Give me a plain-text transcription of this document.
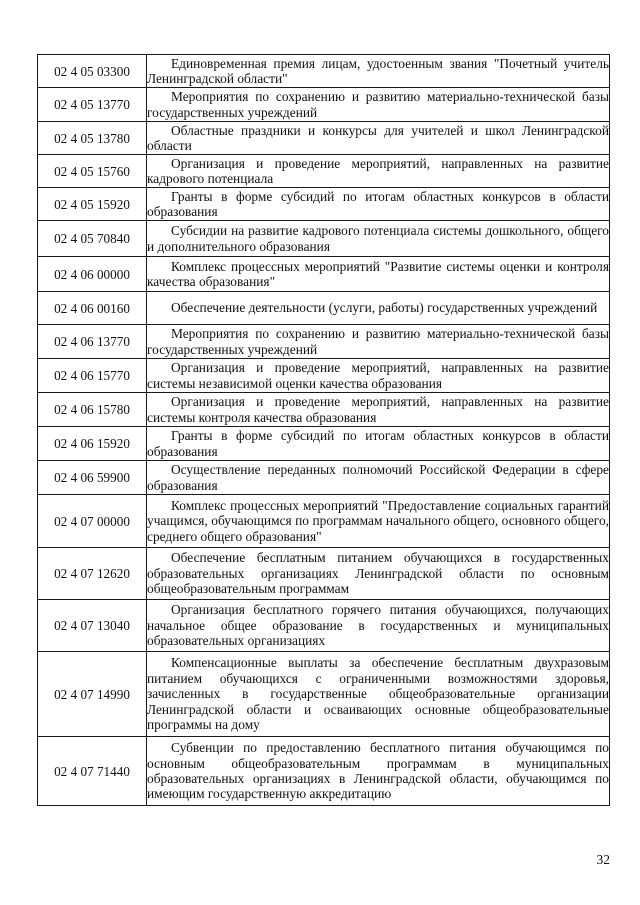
02 4 05 03300	Единовременная премия лицам, удостоенным звания "Почетный учитель Ленинградской области"
02 4 05 13770	Мероприятия по сохранению и развитию материально-технической базы государственных учреждений
02 4 05 13780	Областные праздники и конкурсы для учителей и школ Ленинградской области
02 4 05 15760	Организация и проведение мероприятий, направленных на развитие кадрового потенциала
02 4 05 15920	Гранты в форме субсидий по итогам областных конкурсов в области образования
02 4 05 70840	Субсидии на развитие кадрового потенциала системы дошкольного, общего и дополнительного образования
02 4 06 00000	Комплекс процессных мероприятий "Развитие системы оценки и контроля качества образования"
02 4 06 00160	Обеспечение деятельности (услуги, работы) государственных учреждений
02 4 06 13770	Мероприятия по сохранению и развитию материально-технической базы государственных учреждений
02 4 06 15770	Организация и проведение мероприятий, направленных на развитие системы независимой оценки качества образования
02 4 06 15780	Организация и проведение мероприятий, направленных на развитие системы контроля качества образования
02 4 06 15920	Гранты в форме субсидий по итогам областных конкурсов в области образования
02 4 06 59900	Осуществление переданных полномочий Российской Федерации в сфере образования
02 4 07 00000	Комплекс процессных мероприятий "Предоставление социальных гарантий учащимся, обучающимся по программам начального общего, основного общего, среднего общего образования"
02 4 07 12620	Обеспечение бесплатным питанием обучающихся в государственных образовательных организациях Ленинградской области по основным общеобразовательным программам
02 4 07 13040	Организация бесплатного горячего питания обучающихся, получающих начальное общее образование в государственных и муниципальных образовательных организациях
02 4 07 14990	Компенсационные выплаты за обеспечение бесплатным двухразовым питанием обучающихся с ограниченными возможностями здоровья, зачисленных в государственные общеобразовательные организации Ленинградской области и осваивающих основные общеобразовательные программы на дому
02 4 07 71440	Субвенции по предоставлению бесплатного питания обучающимся по основным общеобразовательным программам в муниципальных образовательных организациях в Ленинградской области, обучающимся по имеющим государственную аккредитацию
32
